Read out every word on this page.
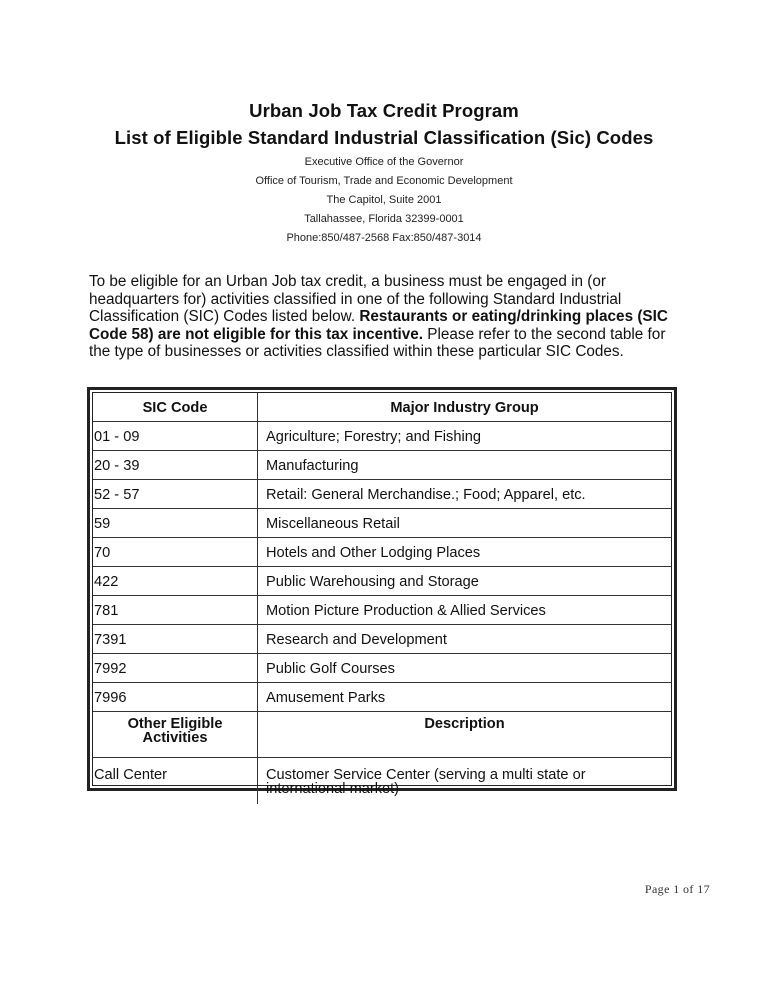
Urban Job Tax Credit Program
List of Eligible Standard Industrial Classification (Sic) Codes
Executive Office of the Governor
Office of Tourism, Trade and Economic Development
The Capitol, Suite 2001
Tallahassee, Florida 32399-0001
Phone:850/487-2568 Fax:850/487-3014

To be eligible for an Urban Job tax credit, a business must be engaged in (or headquarters for) activities classified in one of the following Standard Industrial Classification (SIC) Codes listed below. Restaurants or eating/drinking places (SIC Code 58) are not eligible for this tax incentive. Please refer to the second table for the type of businesses or activities classified within these particular SIC Codes.

SIC Code	Major Industry Group
01 - 09	Agriculture; Forestry; and Fishing
20 - 39	Manufacturing
52 - 57	Retail: General Merchandise.; Food; Apparel, etc.
59	Miscellaneous Retail
70	Hotels and Other Lodging Places
422	Public Warehousing and Storage
781	Motion Picture Production & Allied Services
7391	Research and Development
7992	Public Golf Courses
7996	Amusement Parks
Other Eligible Activities	Description
Call Center	Customer Service Center (serving a multi state or international market)
Page 1 of 17
